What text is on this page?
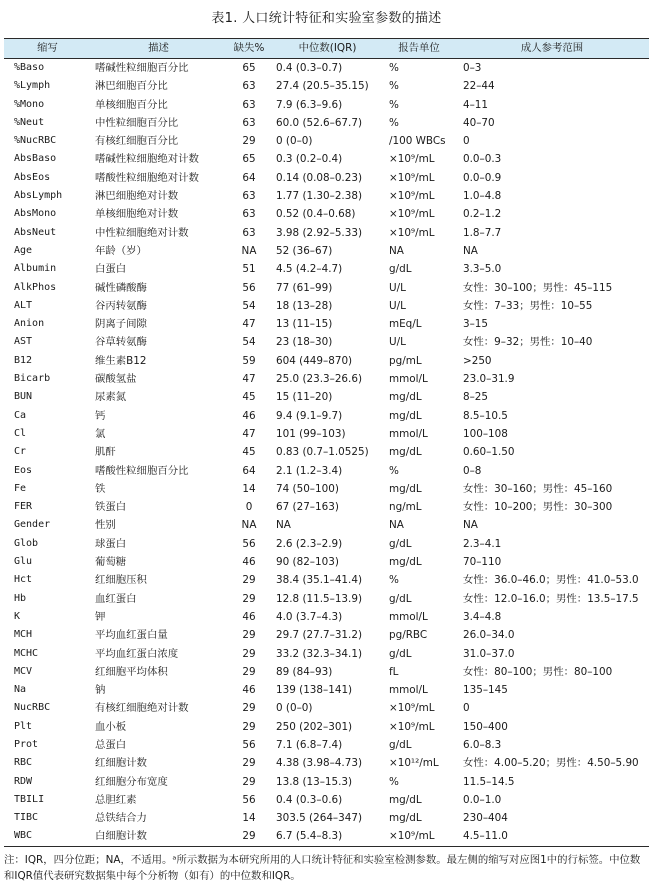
表1. 人口统计特征和实验室参数的描述
缩写	描述	缺失%	中位数(IQR)	报告单位	成人参考范围
%Baso	嗜碱性粒细胞百分比	65	0.4 (0.3–0.7)	%	0–3
%Lymph	淋巴细胞百分比	63	27.4 (20.5–35.15)	%	22–44
%Mono	单核细胞百分比	63	7.9 (6.3–9.6)	%	4–11
%Neut	中性粒细胞百分比	63	60.0 (52.6–67.7)	%	40–70
%NucRBC	有核红细胞百分比	29	0 (0–0)	/100 WBCs	0
AbsBaso	嗜碱性粒细胞绝对计数	65	0.3 (0.2–0.4)	×10⁹/mL	0.0–0.3
AbsEos	嗜酸性粒细胞绝对计数	64	0.14 (0.08–0.23)	×10⁹/mL	0.0–0.9
AbsLymph	淋巴细胞绝对计数	63	1.77 (1.30–2.38)	×10⁹/mL	1.0–4.8
AbsMono	单核细胞绝对计数	63	0.52 (0.4–0.68)	×10⁹/mL	0.2–1.2
AbsNeut	中性粒细胞绝对计数	63	3.98 (2.92–5.33)	×10⁹/mL	1.8–7.7
Age	年龄（岁）	NA	52 (36–67)	NA	NA
Albumin	白蛋白	51	4.5 (4.2–4.7)	g/dL	3.3–5.0
AlkPhos	碱性磷酸酶	56	77 (61–99)	U/L	女性：30–100；男性：45–115
ALT	谷丙转氨酶	54	18 (13–28)	U/L	女性：7–33；男性：10–55
Anion	阴离子间隙	47	13 (11–15)	mEq/L	3–15
AST	谷草转氨酶	54	23 (18–30)	U/L	女性：9–32；男性：10–40
B12	维生素B12	59	604 (449–870)	pg/mL	>250
Bicarb	碳酸氢盐	47	25.0 (23.3–26.6)	mmol/L	23.0–31.9
BUN	尿素氮	45	15 (11–20)	mg/dL	8–25
Ca	钙	46	9.4 (9.1–9.7)	mg/dL	8.5–10.5
Cl	氯	47	101 (99–103)	mmol/L	100–108
Cr	肌酐	45	0.83 (0.7–1.0525)	mg/dL	0.60–1.50
Eos	嗜酸性粒细胞百分比	64	2.1 (1.2–3.4)	%	0–8
Fe	铁	14	74 (50–100)	mg/dL	女性：30–160；男性：45–160
FER	铁蛋白	0	67 (27–163)	ng/mL	女性：10–200；男性：30–300
Gender	性别	NA	NA	NA	NA
Glob	球蛋白	56	2.6 (2.3–2.9)	g/dL	2.3–4.1
Glu	葡萄糖	46	90 (82–103)	mg/dL	70–110
Hct	红细胞压积	29	38.4 (35.1–41.4)	%	女性：36.0–46.0；男性：41.0–53.0
Hb	血红蛋白	29	12.8 (11.5–13.9)	g/dL	女性：12.0–16.0；男性：13.5–17.5
K	钾	46	4.0 (3.7–4.3)	mmol/L	3.4–4.8
MCH	平均血红蛋白量	29	29.7 (27.7–31.2)	pg/RBC	26.0–34.0
MCHC	平均血红蛋白浓度	29	33.2 (32.3–34.1)	g/dL	31.0–37.0
MCV	红细胞平均体积	29	89 (84–93)	fL	女性：80–100；男性：80–100
Na	钠	46	139 (138–141)	mmol/L	135–145
NucRBC	有核红细胞绝对计数	29	0 (0–0)	×10⁹/mL	0
Plt	血小板	29	250 (202–301)	×10⁹/mL	150–400
Prot	总蛋白	56	7.1 (6.8–7.4)	g/dL	6.0–8.3
RBC	红细胞计数	29	4.38 (3.98–4.73)	×10¹²/mL	女性：4.00–5.20；男性：4.50–5.90
RDW	红细胞分布宽度	29	13.8 (13–15.3)	%	11.5–14.5
TBILI	总胆红素	56	0.4 (0.3–0.6)	mg/dL	0.0–1.0
TIBC	总铁结合力	14	303.5 (264–347)	mg/dL	230–404
WBC	白细胞计数	29	6.7 (5.4–8.3)	×10⁹/mL	4.5–11.0
注：IQR，四分位距；NA，不适用。ᵃ所示数据为本研究所用的人口统计特征和实验室检测参数。最左侧的缩写对应图1中的行标签。中位数和IQR值代表研究数据集中每个分析物（如有）的中位数和IQR。
